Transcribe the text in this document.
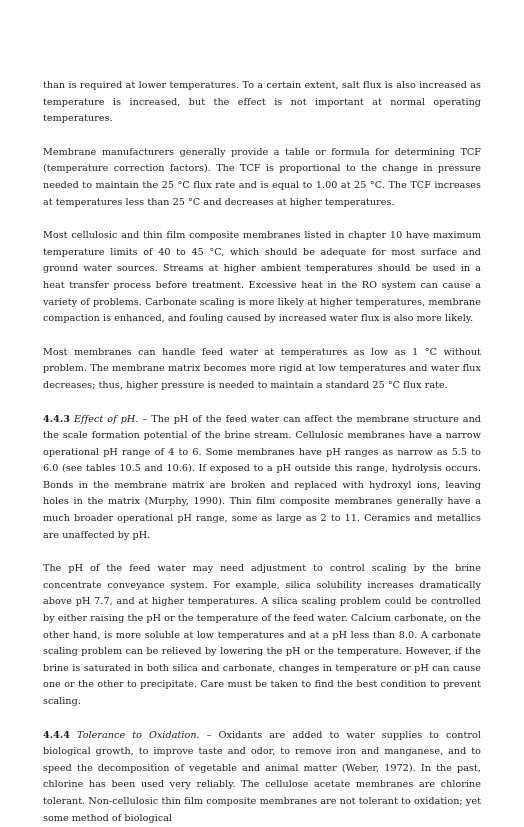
than is required at lower temperatures. To a certain extent, salt flux is also increased as temperature is increased, but the effect is not important at normal operating temperatures.

Membrane manufacturers generally provide a table or formula for determining TCF (temperature correction factors). The TCF is proportional to the change in pressure needed to maintain the 25 °C flux rate and is equal to 1.00 at 25 °C. The TCF increases at temperatures less than 25 °C and decreases at higher temperatures.

Most cellulosic and thin film composite membranes listed in chapter 10 have maximum temperature limits of 40 to 45 °C, which should be adequate for most surface and ground water sources. Streams at higher ambient temperatures should be used in a heat transfer process before treatment. Excessive heat in the RO system can cause a variety of problems. Carbonate scaling is more likely at higher temperatures, membrane compaction is enhanced, and fouling caused by increased water flux is also more likely.

Most membranes can handle feed water at temperatures as low as 1 °C without problem. The membrane matrix becomes more rigid at low temperatures and water flux decreases; thus, higher pressure is needed to maintain a standard 25 °C flux rate.

4.4.3 Effect of pH. – The pH of the feed water can affect the membrane structure and the scale formation potential of the brine stream. Cellulosic membranes have a narrow operational pH range of 4 to 6. Some membranes have pH ranges as narrow as 5.5 to 6.0 (see tables 10.5 and 10.6). If exposed to a pH outside this range, hydrolysis occurs. Bonds in the membrane matrix are broken and replaced with hydroxyl ions, leaving holes in the matrix (Murphy, 1990). Thin film composite membranes generally have a much broader operational pH range, some as large as 2 to 11. Ceramics and metallics are unaffected by pH.

The pH of the feed water may need adjustment to control scaling by the brine concentrate conveyance system. For example, silica solubility increases dramatically above pH 7.7, and at higher temperatures. A silica scaling problem could be controlled by either raising the pH or the temperature of the feed water. Calcium carbonate, on the other hand, is more soluble at low temperatures and at a pH less than 8.0. A carbonate scaling problem can be relieved by lowering the pH or the temperature. However, if the brine is saturated in both silica and carbonate, changes in temperature or pH can cause one or the other to precipitate. Care must be taken to find the best condition to prevent scaling.

4.4.4 Tolerance to Oxidation. – Oxidants are added to water supplies to control biological growth, to improve taste and odor, to remove iron and manganese, and to speed the decomposition of vegetable and animal matter (Weber, 1972). In the past, chlorine has been used very reliably. The cellulose acetate membranes are chlorine tolerant. Non-cellulosic thin film composite membranes are not tolerant to oxidation; yet some method of biological
